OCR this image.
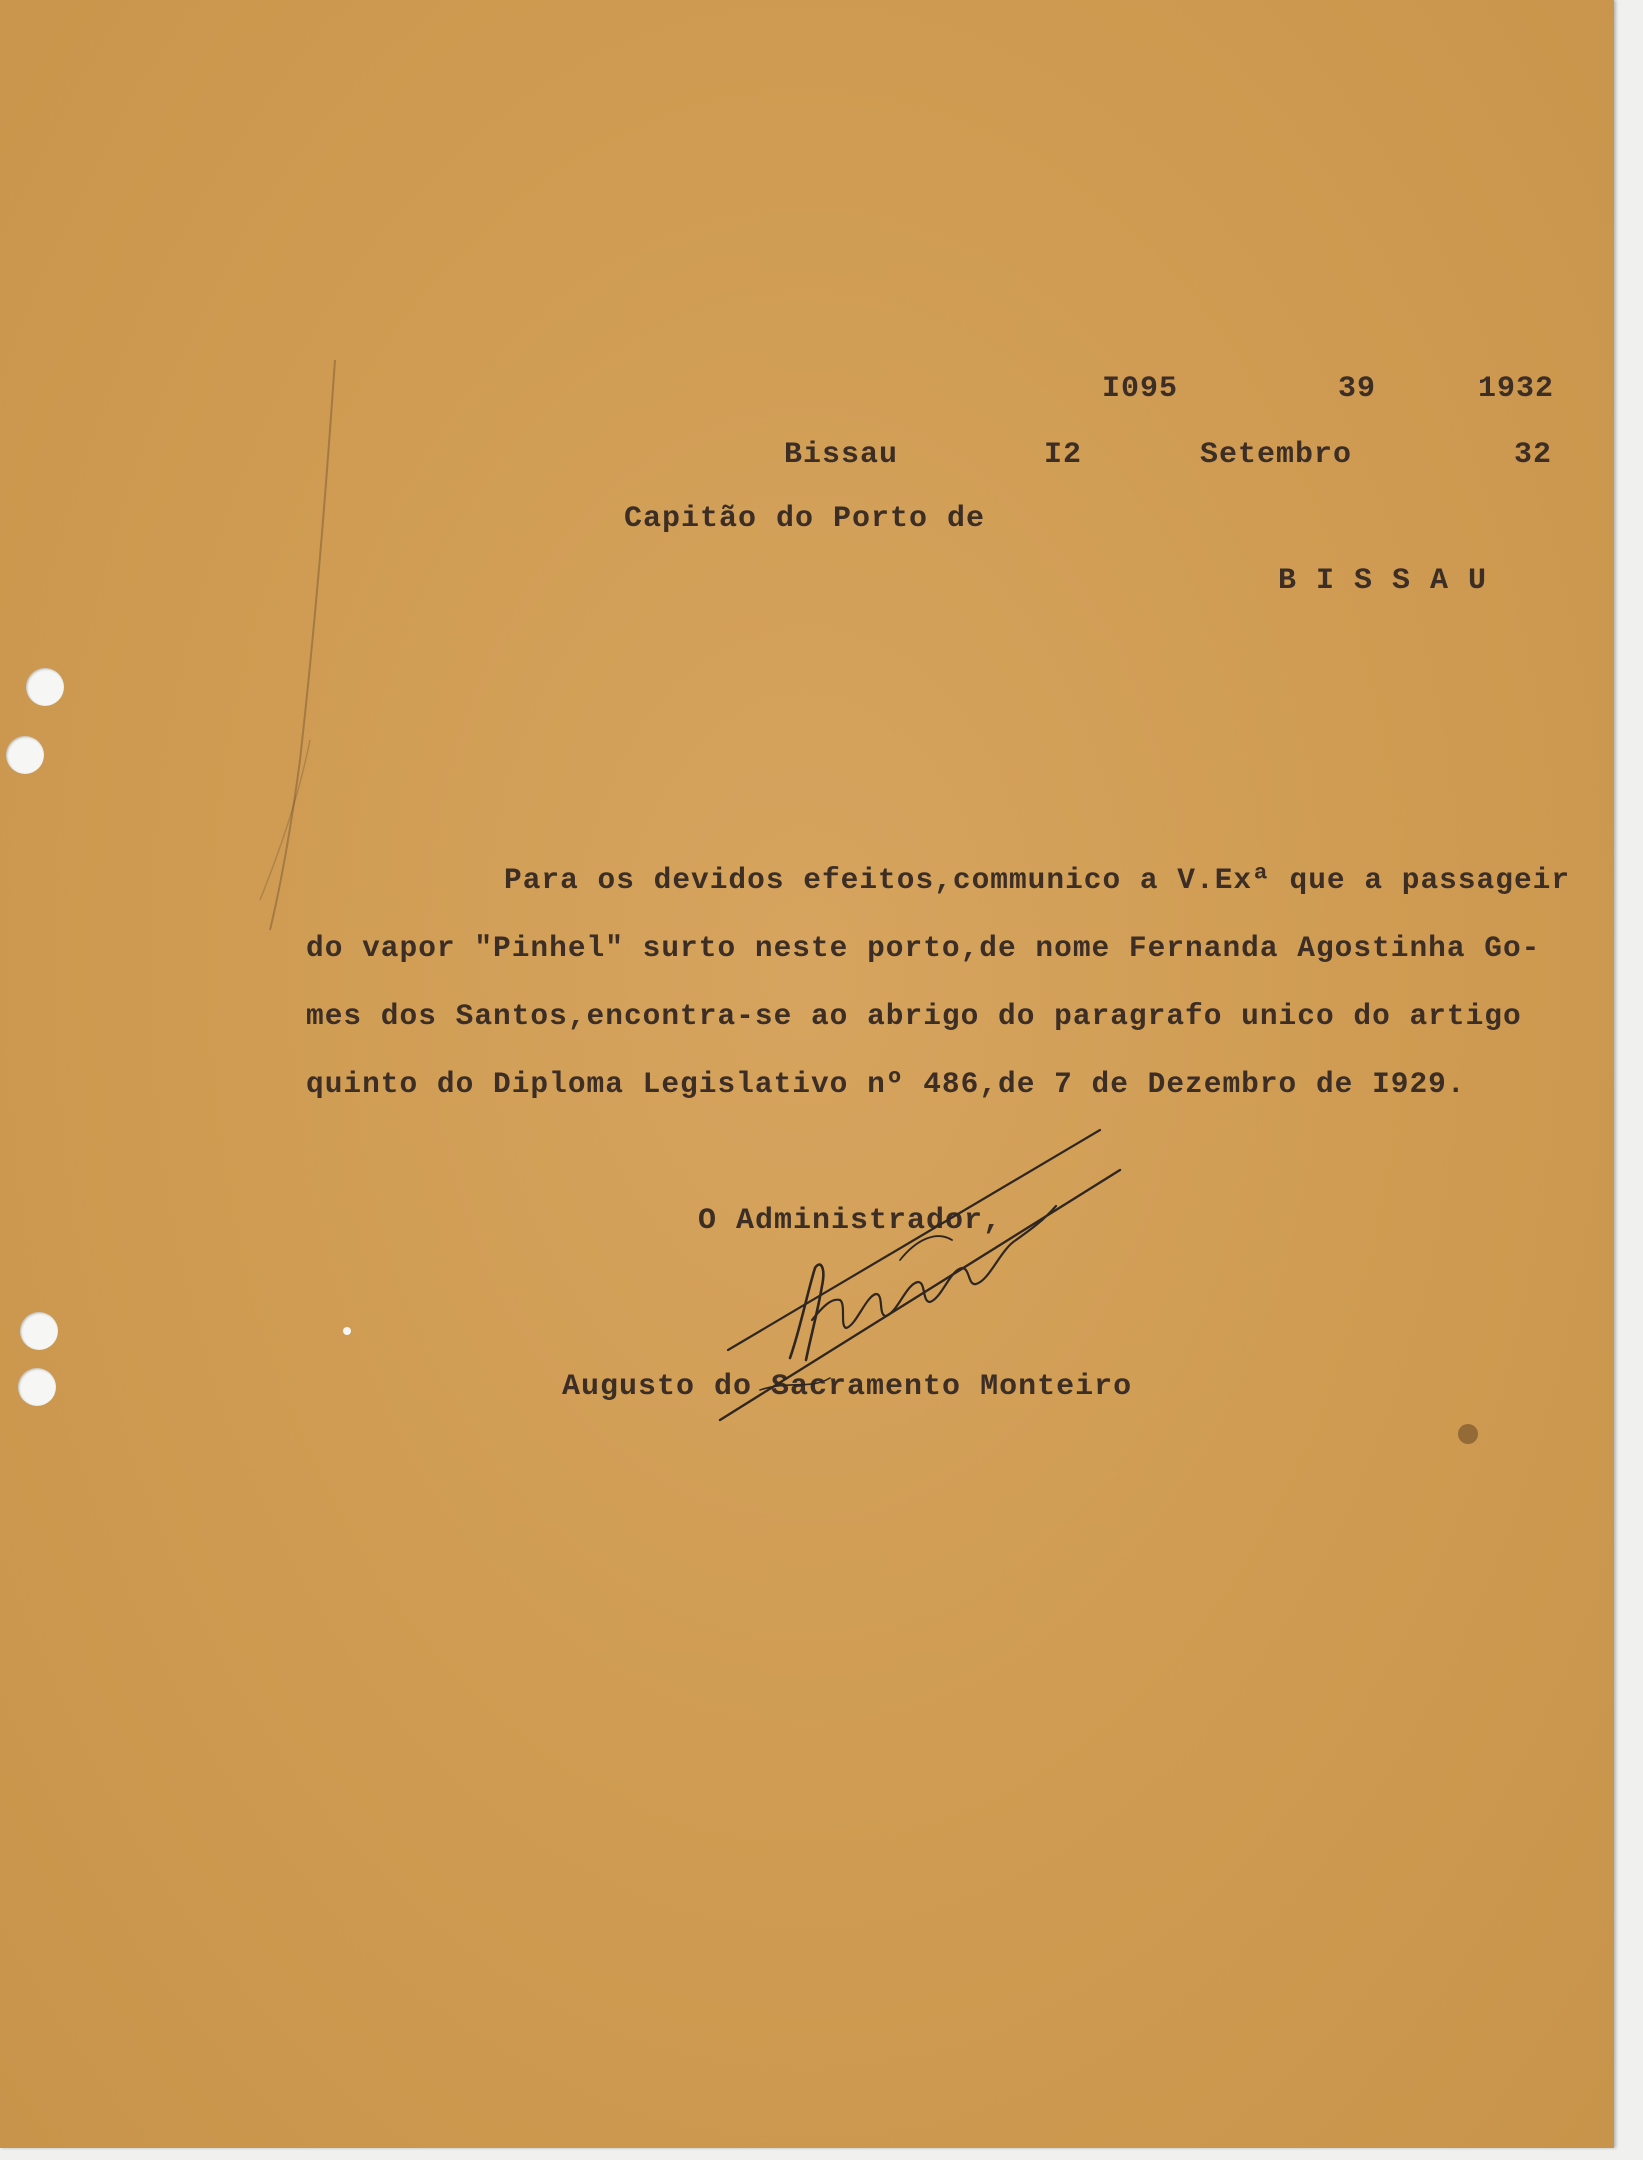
I095	39	1932
Bissau	I2	Setembro	32
Capitão do Porto de
B I S S A U
Para os devidos efeitos,communico a V.Exª que a passageir
do vapor "Pinhel" surto neste porto,de nome Fernanda Agostinha Go-
mes dos Santos,encontra-se ao abrigo do paragrafo unico do artigo
quinto do Diploma Legislativo nº 486,de 7 de Dezembro de I929.
O Administrador,
Augusto do Sacramento Monteiro
